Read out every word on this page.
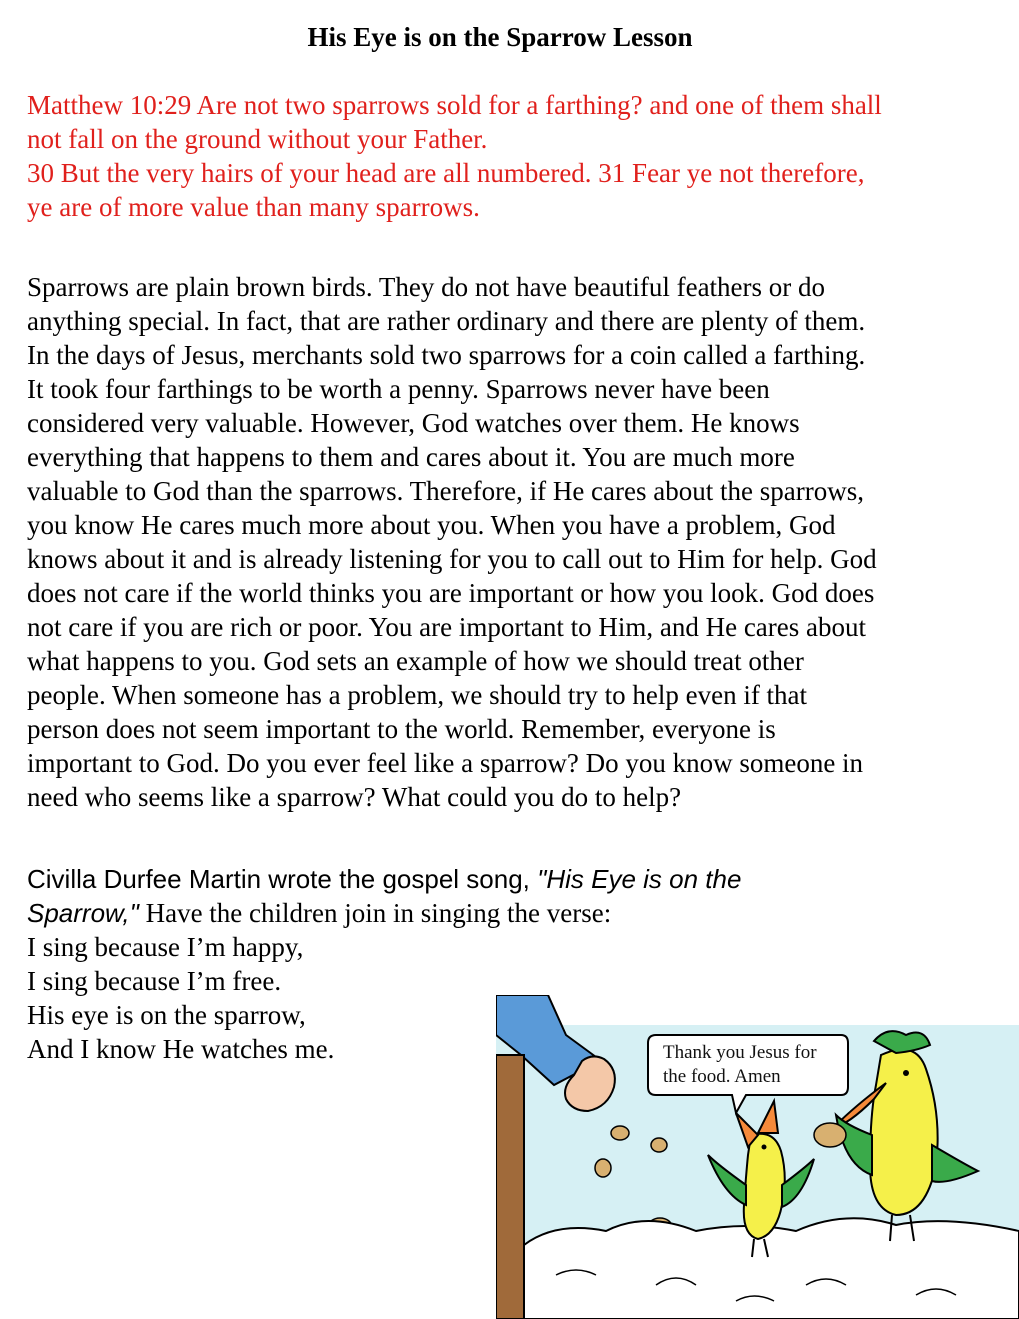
His Eye is on the Sparrow Lesson
Matthew 10:29 Are not two sparrows sold for a farthing? and one of them shall
not fall on the ground without your Father.
30 But the very hairs of your head are all numbered. 31 Fear ye not therefore,
ye are of more value than many sparrows.
Sparrows are plain brown birds. They do not have beautiful feathers or do
anything special. In fact, that are rather ordinary and there are plenty of them.
In the days of Jesus, merchants sold two sparrows for a coin called a farthing.
It took four farthings to be worth a penny. Sparrows never have been
considered very valuable. However, God watches over them. He knows
everything that happens to them and cares about it. You are much more
valuable to God than the sparrows. Therefore, if He cares about the sparrows,
you know He cares much more about you. When you have a problem, God
knows about it and is already listening for you to call out to Him for help. God
does not care if the world thinks you are important or how you look. God does
not care if you are rich or poor. You are important to Him, and He cares about
what happens to you. God sets an example of how we should treat other
people. When someone has a problem, we should try to help even if that
person does not seem important to the world. Remember, everyone is
important to God. Do you ever feel like a sparrow? Do you know someone in
need who seems like a sparrow? What could you do to help?
Civilla Durfee Martin wrote the gospel song, "His Eye is on the
Sparrow," Have the children join in singing the verse:
I sing because I’m happy,
I sing because I’m free.
His eye is on the sparrow,
And I know He watches me.	Thank you Jesus for
the food. Amen
